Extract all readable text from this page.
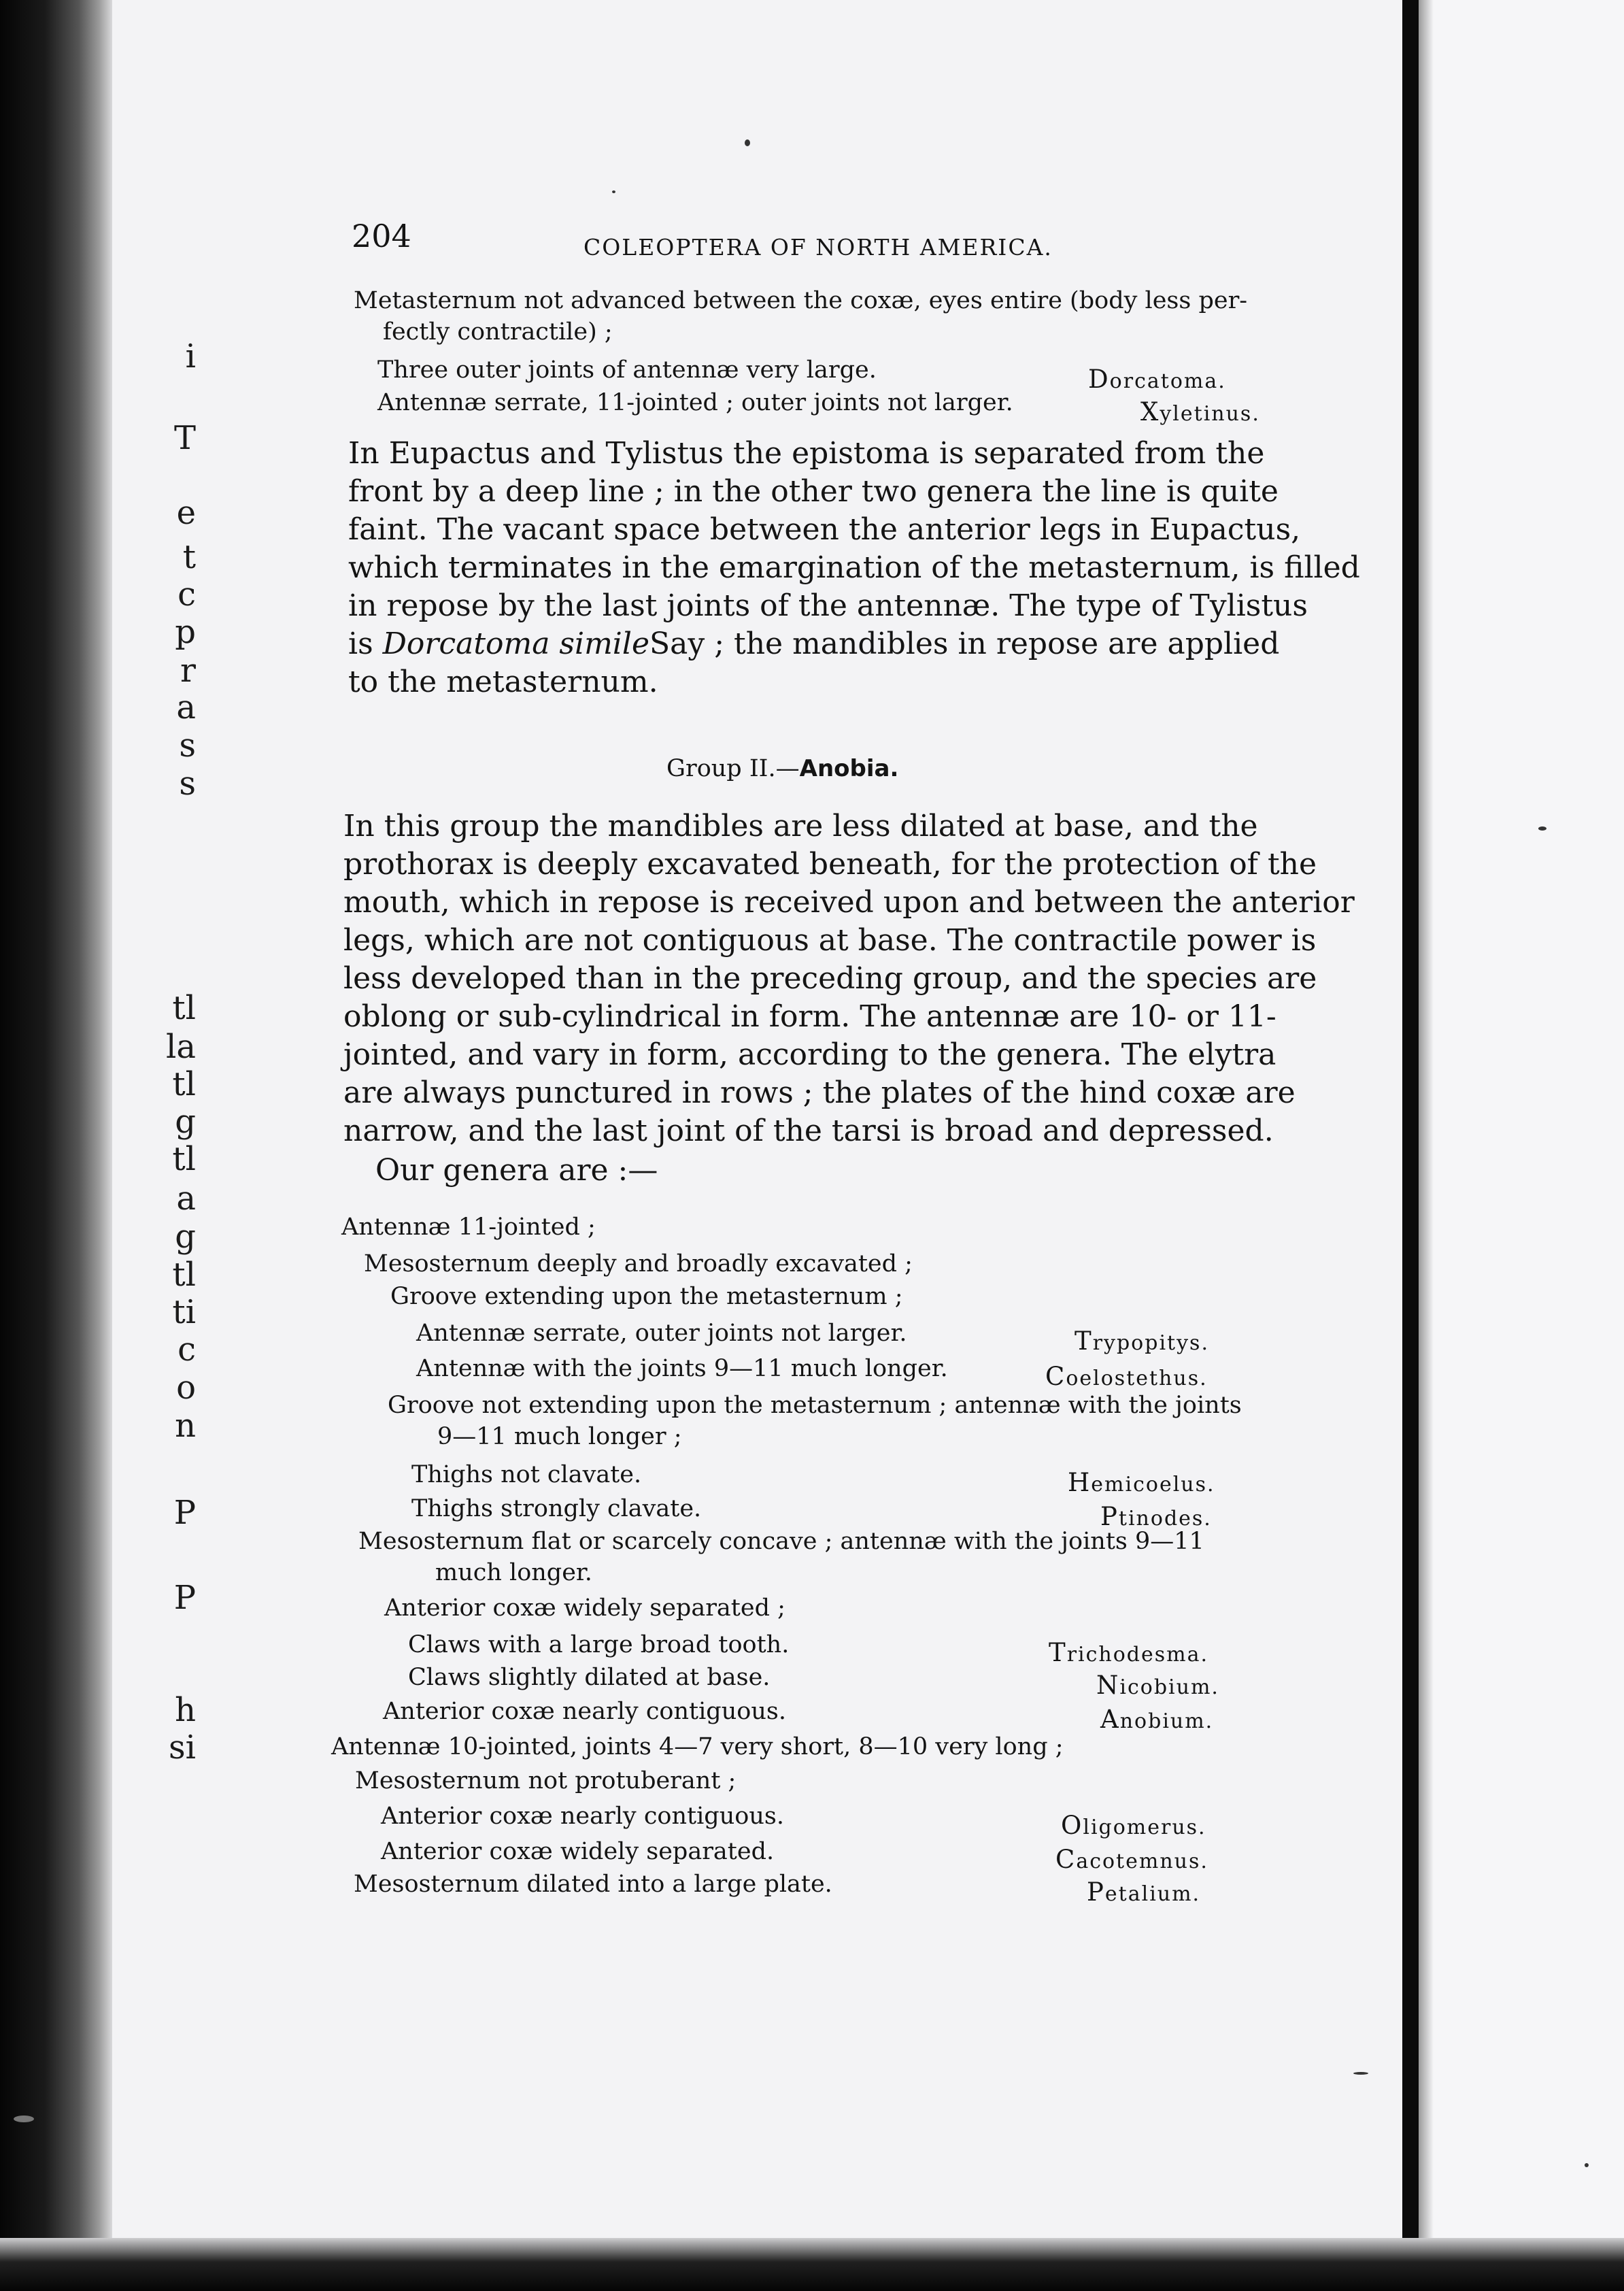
204	COLEOPTERA OF NORTH AMERICA.
Metasternum not advanced between the coxæ, eyes entire (body less per-
fectly contractile) ;
Three outer joints of antennæ very large.	Dorcatoma.
Antennæ serrate, 11-jointed ; outer joints not larger.	Xyletinus.
In Eupactus and Tylistus the epistoma is separated from the
front by a deep line ; in the other two genera the line is quite
faint. The vacant space between the anterior legs in Eupactus,
which terminates in the emargination of the metasternum, is filled
in repose by the last joints of the antennæ. The type of Tylistus
is Dorcatoma simile Say ; the mandibles in repose are applied
to the metasternum.
Group II.—Anobia.
In this group the mandibles are less dilated at base, and the
prothorax is deeply excavated beneath, for the protection of the
mouth, which in repose is received upon and between the anterior
legs, which are not contiguous at base. The contractile power is
less developed than in the preceding group, and the species are
oblong or sub-cylindrical in form. The antennæ are 10- or 11-
jointed, and vary in form, according to the genera. The elytra
are always punctured in rows ; the plates of the hind coxæ are
narrow, and the last joint of the tarsi is broad and depressed.
Our genera are :—
Antennæ 11-jointed ;
Mesosternum deeply and broadly excavated ;
Groove extending upon the metasternum ;
Antennæ serrate, outer joints not larger.	Trypopitys.
Antennæ with the joints 9—11 much longer.	Coelostethus.
Groove not extending upon the metasternum ; antennæ with the joints
9—11 much longer ;
Thighs not clavate.	Hemicoelus.
Thighs strongly clavate.	Ptinodes.
Mesosternum flat or scarcely concave ; antennæ with the joints 9—11
much longer.
Anterior coxæ widely separated ;
Claws with a large broad tooth.	Trichodesma.
Claws slightly dilated at base.	Nicobium.
Anterior coxæ nearly contiguous.	Anobium.
Antennæ 10-jointed, joints 4—7 very short, 8—10 very long ;
Mesosternum not protuberant ;
Anterior coxæ nearly contiguous.	Oligomerus.
Anterior coxæ widely separated.	Cacotemnus.
Mesosternum dilated into a large plate.	Petalium.
i
T
e
t
c
p
r
a
s
s
tl
la
tl
g
tl
a
g
tl
ti
c
o
n
P
P
h
si
